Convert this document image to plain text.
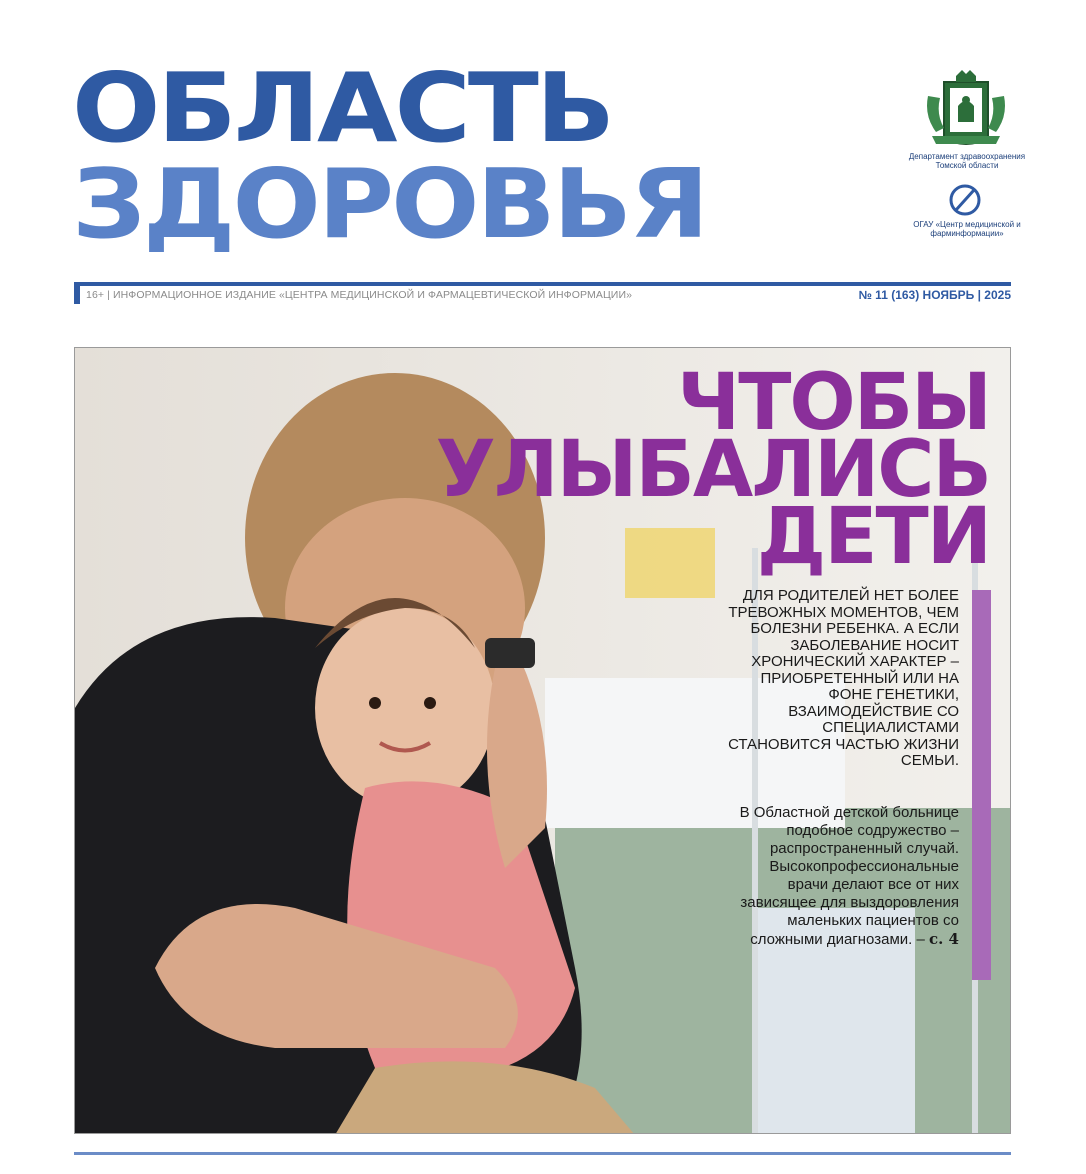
ОБЛАСТЬ
ЗДОРОВЬЯ	Департамент здравоохранения Томской области
ОГАУ «Центр медицинской и фарминформации»
16+ | ИНФОРМАЦИОННОЕ ИЗДАНИЕ «ЦЕНТРА МЕДИЦИНСКОЙ И ФАРМАЦЕВТИЧЕСКОЙ ИНФОРМАЦИИ»	№ 11 (163) НОЯБРЬ | 2025
ЧТОБЫ
УЛЫБАЛИСЬ
ДЕТИ
ДЛЯ РОДИТЕЛЕЙ НЕТ БОЛЕЕ ТРЕВОЖНЫХ МОМЕНТОВ, ЧЕМ БОЛЕЗНИ РЕБЕНКА. А ЕСЛИ ЗАБОЛЕВАНИЕ НОСИТ ХРОНИЧЕСКИЙ ХАРАКТЕР – ПРИОБРЕТЕННЫЙ ИЛИ НА ФОНЕ ГЕНЕТИКИ, ВЗАИМОДЕЙСТВИЕ СО СПЕЦИАЛИСТАМИ СТАНОВИТСЯ ЧАСТЬЮ ЖИЗНИ СЕМЬИ.
В Областной детской больнице подобное содружество – распространенный случай. Высокопрофессиональные врачи делают все от них зависящее для выздоровления маленьких пациентов со сложными диагнозами. – с. 4
